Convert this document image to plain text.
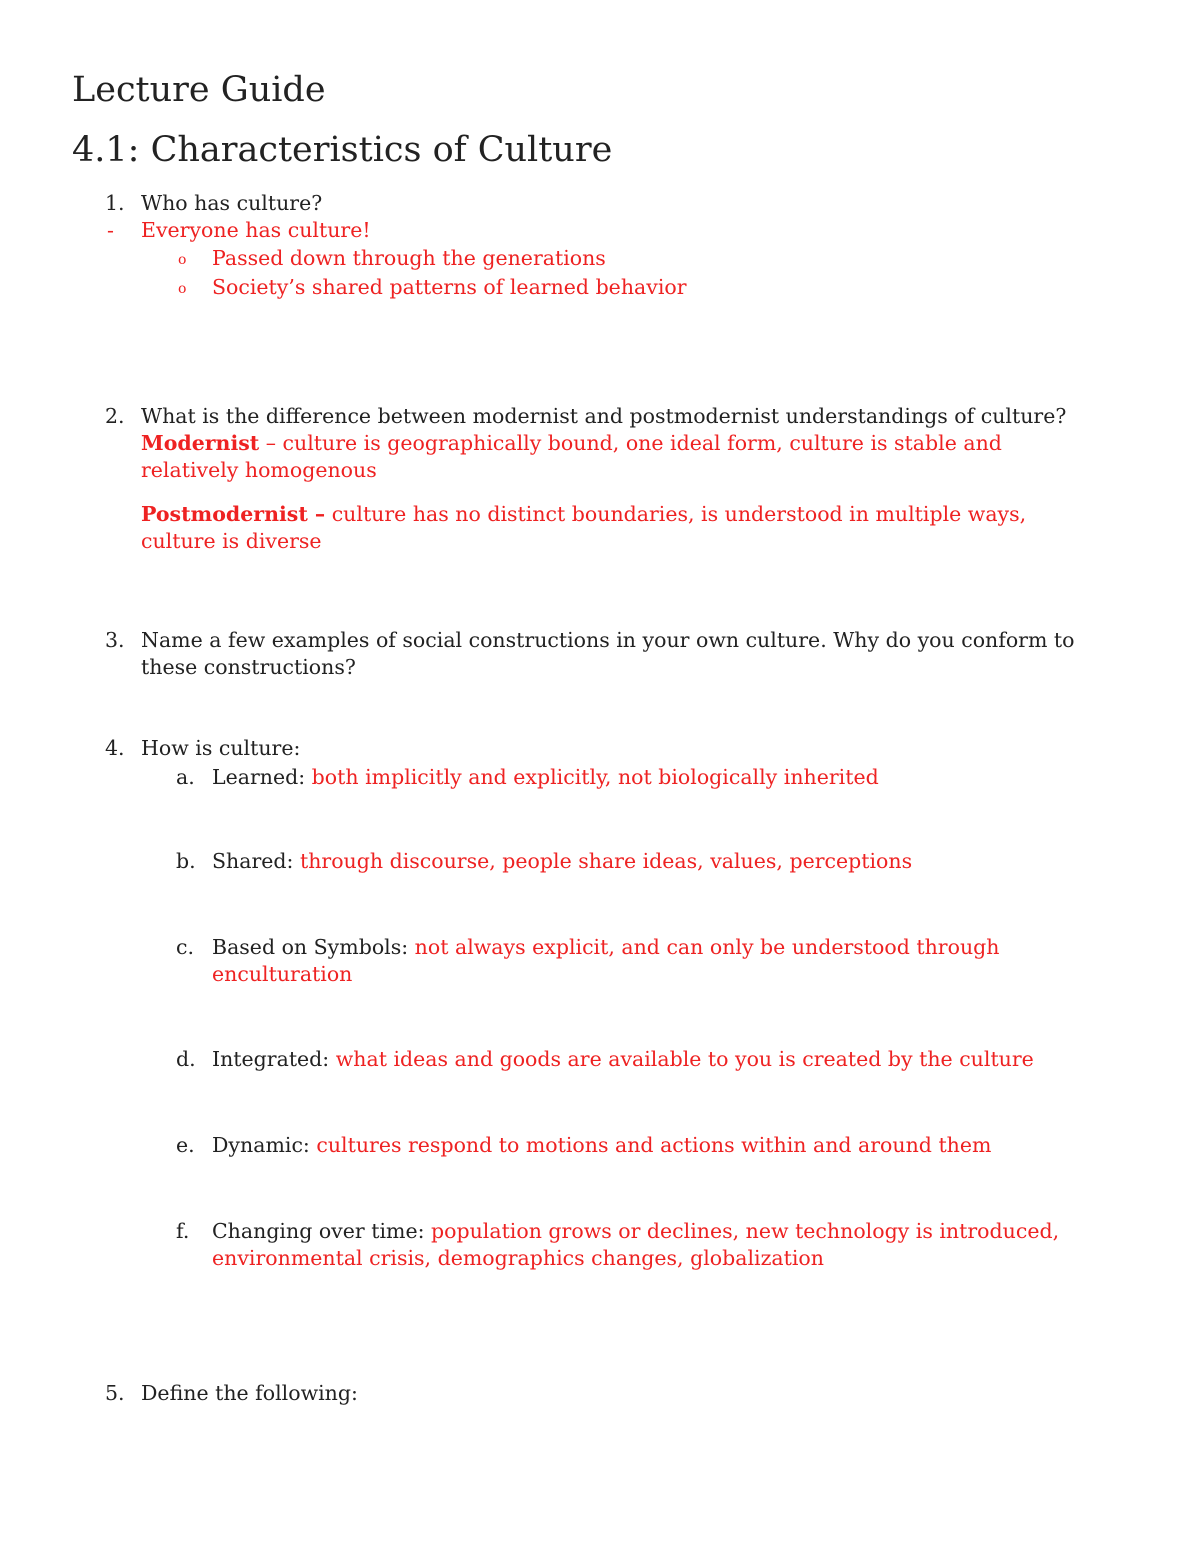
Lecture Guide
4.1: Characteristics of Culture
1. Who has culture?
- Everyone has culture!
o Passed down through the generations
o Society’s shared patterns of learned behavior
2. What is the difference between modernist and postmodernist understandings of culture?
Modernist – culture is geographically bound, one ideal form, culture is stable and
relatively homogenous
Postmodernist – culture has no distinct boundaries, is understood in multiple ways,
culture is diverse
3. Name a few examples of social constructions in your own culture. Why do you conform to
these constructions?
4. How is culture:
a. Learned: both implicitly and explicitly, not biologically inherited
b. Shared: through discourse, people share ideas, values, perceptions
c. Based on Symbols: not always explicit, and can only be understood through
enculturation
d. Integrated: what ideas and goods are available to you is created by the culture
e. Dynamic: cultures respond to motions and actions within and around them
f. Changing over time: population grows or declines, new technology is introduced,
environmental crisis, demographics changes, globalization
5. Define the following:
